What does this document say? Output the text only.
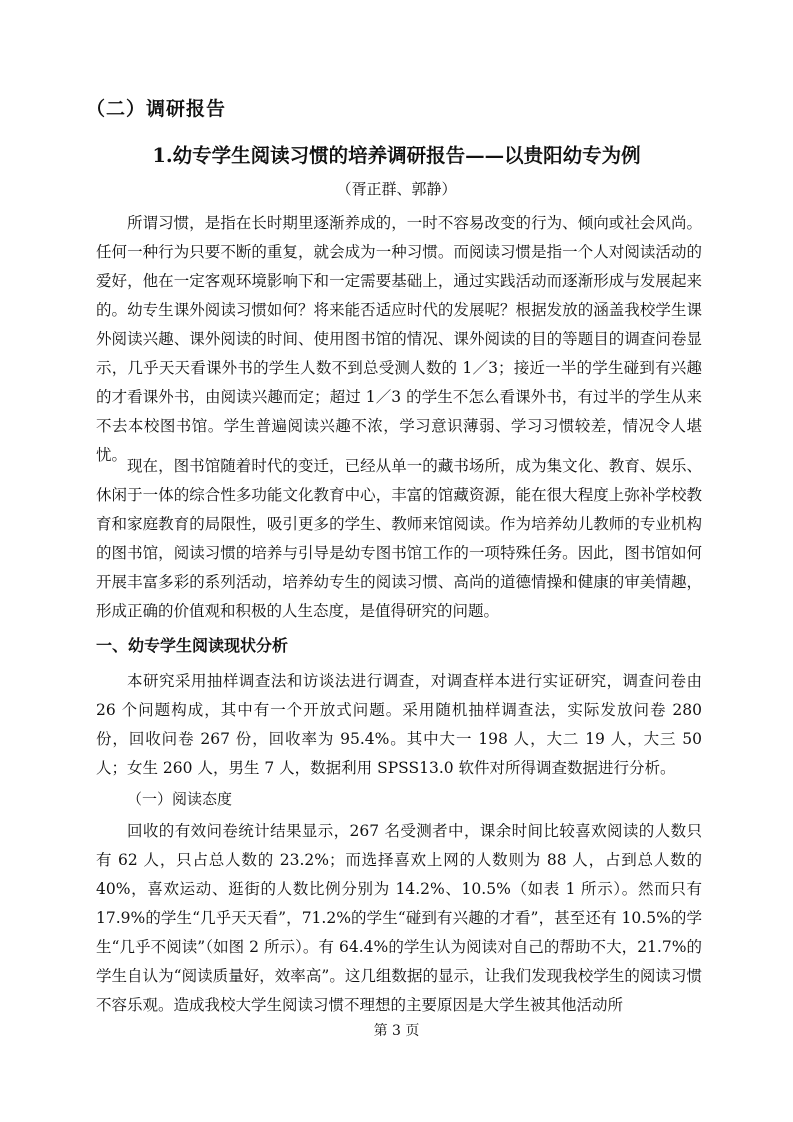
（二）调研报告
1.幼专学生阅读习惯的培养调研报告——以贵阳幼专为例
（胥正群、郭静）

所谓习惯，是指在长时期里逐渐养成的，一时不容易改变的行为、倾向或社会风尚。任何一种行为只要不断的重复，就会成为一种习惯。而阅读习惯是指一个人对阅读活动的爱好，他在一定客观环境影响下和一定需要基础上，通过实践活动而逐渐形成与发展起来的。幼专生课外阅读习惯如何？将来能否适应时代的发展呢？根据发放的涵盖我校学生课外阅读兴趣、课外阅读的时间、使用图书馆的情况、课外阅读的目的等题目的调查问卷显示，几乎天天看课外书的学生人数不到总受测人数的 1／3；接近一半的学生碰到有兴趣的才看课外书，由阅读兴趣而定；超过 1／3 的学生不怎么看课外书，有过半的学生从来不去本校图书馆。学生普遍阅读兴趣不浓，学习意识薄弱、学习习惯较差，情况令人堪忧。

现在，图书馆随着时代的变迁，已经从单一的藏书场所，成为集文化、教育、娱乐、休闲于一体的综合性多功能文化教育中心，丰富的馆藏资源，能在很大程度上弥补学校教育和家庭教育的局限性，吸引更多的学生、教师来馆阅读。作为培养幼儿教师的专业机构的图书馆，阅读习惯的培养与引导是幼专图书馆工作的一项特殊任务。因此，图书馆如何开展丰富多彩的系列活动，培养幼专生的阅读习惯、高尚的道德情操和健康的审美情趣，形成正确的价值观和积极的人生态度，是值得研究的问题。

一、幼专学生阅读现状分析

本研究采用抽样调查法和访谈法进行调查，对调查样本进行实证研究，调查问卷由 26 个问题构成，其中有一个开放式问题。采用随机抽样调查法，实际发放问卷 280 份，回收问卷 267 份，回收率为 95.4%。其中大一 198 人，大二 19 人，大三 50 人；女生 260 人，男生 7 人，数据利用 SPSS13.0 软件对所得调查数据进行分析。

（一）阅读态度

回收的有效问卷统计结果显示，267 名受测者中，课余时间比较喜欢阅读的人数只有 62 人，只占总人数的 23.2%；而选择喜欢上网的人数则为 88 人，占到总人数的 40%，喜欢运动、逛街的人数比例分别为 14.2%、10.5%（如表 1 所示）。然而只有 17.9%的学生“几乎天天看”，71.2%的学生“碰到有兴趣的才看”，甚至还有 10.5%的学生“几乎不阅读”（如图 2 所示）。有 64.4%的学生认为阅读对自己的帮助不大，21.7%的学生自认为“阅读质量好，效率高”。这几组数据的显示，让我们发现我校学生的阅读习惯不容乐观。造成我校大学生阅读习惯不理想的主要原因是大学生被其他活动所

第 3 页
